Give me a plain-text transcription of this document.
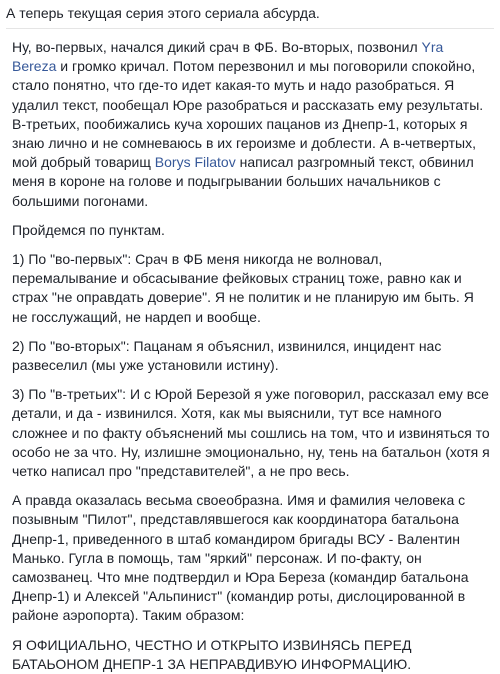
А теперь текущая серия этого сериала абсурда.
Ну, во-первых, начался дикий срач в ФБ. Во-вторых, позвонил Yra Bereza и громко кричал. Потом перезвонил и мы поговорили спокойно, стало понятно, что где-то идет какая-то муть и надо разобраться. Я удалил текст, пообещал Юре разобраться и рассказать ему результаты. В-третьих, пообижались куча хороших пацанов из Днепр-1, которых я знаю лично и не сомневаюсь в их героизме и доблести. А в-четвертых, мой добрый товарищ Borys Filatov написал разгромный текст, обвинил меня в короне на голове и подыгрывании больших начальников с большими погонами.
Пройдемся по пунктам.
1) По "во-первых": Срач в ФБ меня никогда не волновал, перемалывание и обсасывание фейковых страниц тоже, равно как и страх "не оправдать доверие". Я не политик и не планирую им быть. Я не госслужащий, не нардеп и вообще.
2) По "во-вторых": Пацанам я объяснил, извинился, инцидент нас развеселил (мы уже установили истину).
3) По "в-третьих": И с Юрой Березой я уже поговорил, рассказал ему все детали, и да - извинился. Хотя, как мы выяснили, тут все намного сложнее и по факту объяснений мы сошлись на том, что и извиняться то особо не за что. Ну, излишне эмоционально, ну, тень на батальон (хотя я четко написал про "представителей", а не про весь.
А правда оказалась весьма своеобразна. Имя и фамилия человека с позывным "Пилот", представлявшегося как координатора батальона Днепр-1, приведенного в штаб командиром бригады ВСУ - Валентин Манько. Гугла в помощь, там "яркий" персонаж. И по-факту, он самозванец. Что мне подтвердил и Юра Береза (командир батальона Днепр-1) и Алексей "Альпинист" (командир роты, дислоцированной в районе аэропорта). Таким образом:
Я ОФИЦИАЛЬНО, ЧЕСТНО И ОТКРЫТО ИЗВИНЯСЬ ПЕРЕД БАТАЬОНОМ ДНЕПР-1 ЗА НЕПРАВДИВУЮ ИНФОРМАЦИЮ.
